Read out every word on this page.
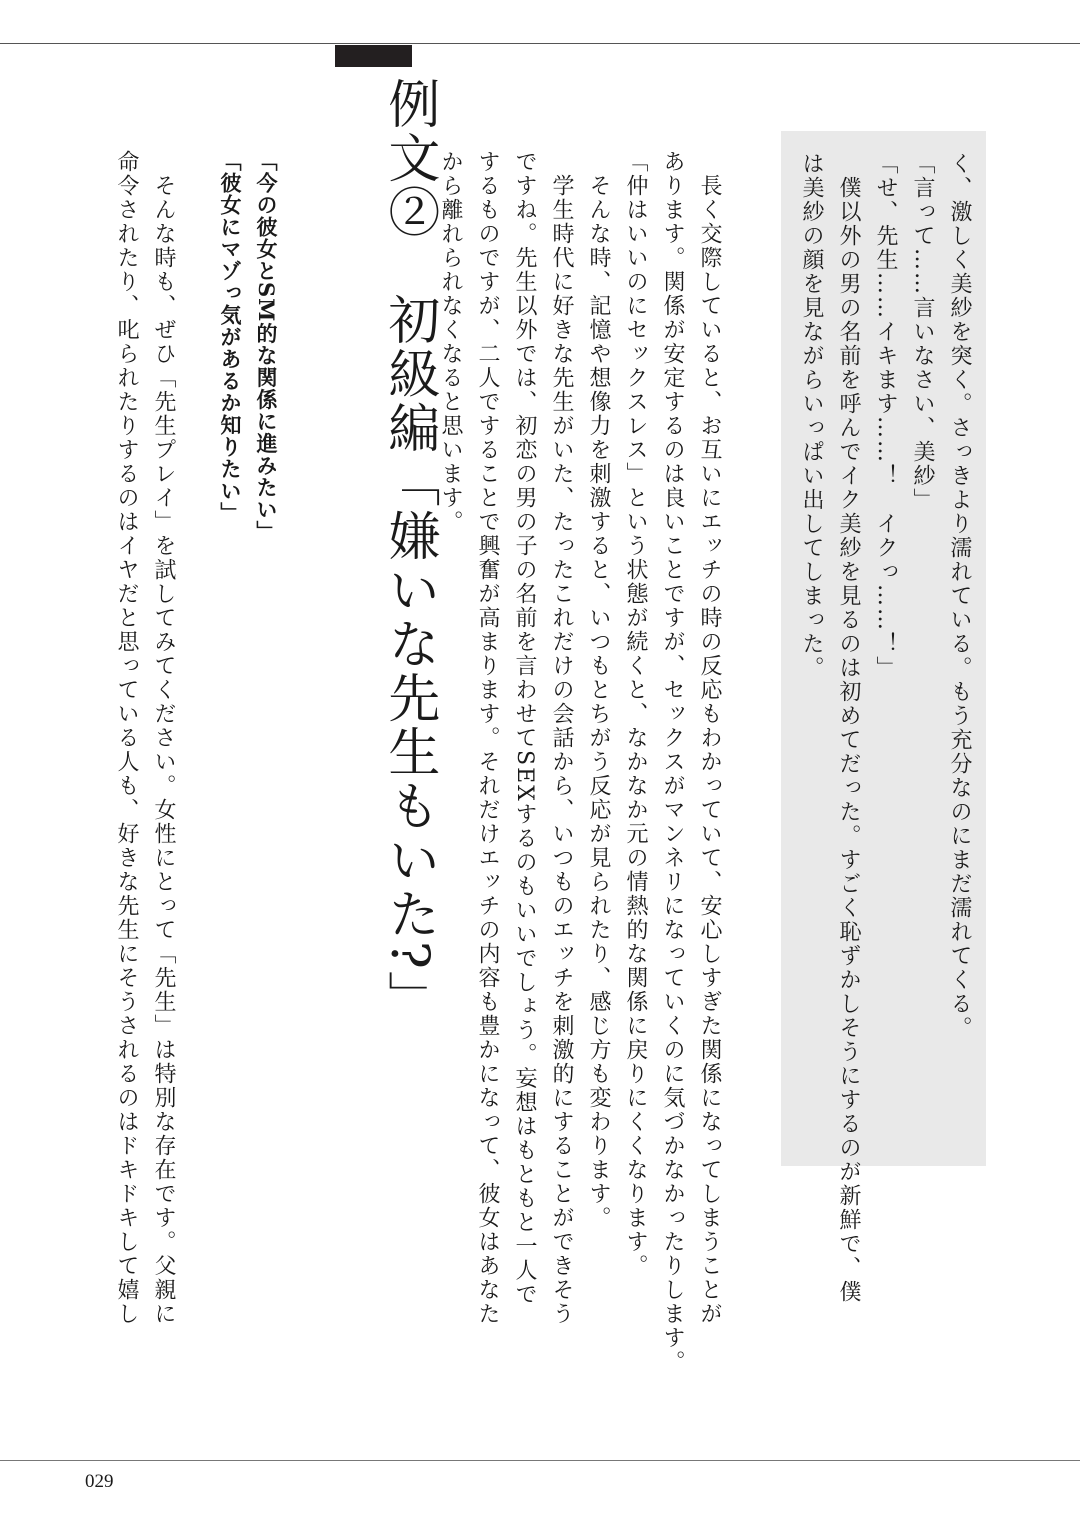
く、激しく美紗を突く。さっきより濡れている。もう充分なのにまだ濡れてくる。
「言って……言いなさい、美紗」
「せ、先生……イキます……！　イクっ……！」
　僕以外の男の名前を呼んでイク美紗を見るのは初めてだった。すごく恥ずかしそうにするのが新鮮で、僕
は美紗の顔を見ながらいっぱい出してしまった。
　長く交際していると、お互いにエッチの時の反応もわかっていて、安心しすぎた関係になってしまうことが
あります。関係が安定するのは良いことですが、セックスがマンネリになっていくのに気づかなかったりします。
「仲はいいのにセックスレス」という状態が続くと、なかなか元の情熱的な関係に戻りにくくなります。
　そんな時、記憶や想像力を刺激すると、いつもとちがう反応が見られたり、感じ方も変わります。
　学生時代に好きな先生がいた、たったこれだけの会話から、いつものエッチを刺激的にすることができそう
ですね。先生以外では、初恋の男の子の名前を言わせてSEXするのもいいでしょう。妄想はもともと一人で
するものですが、二人ですることで興奮が高まります。それだけエッチの内容も豊かになって、彼女はあなた
から離れられなくなると思います。
例文②　初級編「嫌いな先生もいた?」
「今の彼女とSM的な関係に進みたい」
「彼女にマゾっ気があるか知りたい」
　そんな時も、ぜひ「先生プレイ」を試してみてください。女性にとって「先生」は特別な存在です。父親に
命令されたり、叱られたりするのはイヤだと思っている人も、好きな先生にそうされるのはドキドキして嬉し
029
